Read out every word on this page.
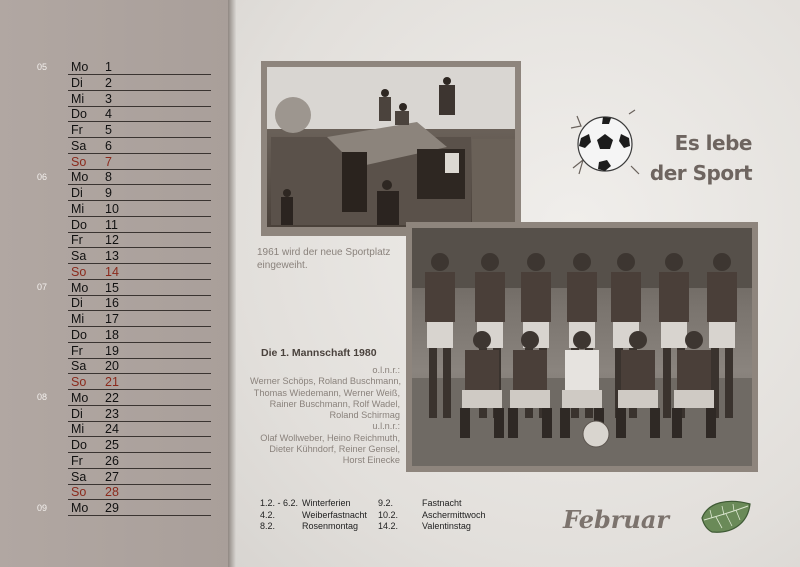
Mo 1
Di 2
Mi 3
Do 4
Fr 5
Sa 6
So 7
Mo 8
Di 9
Mi 10
Do 11
Fr 12
Sa 13
So 14
Mo 15
Di 16
Mi 17
Do 18
Fr 19
Sa 20
So 21
Mo 22
Di 23
Mi 24
Do 25
Fr 26
Sa 27
So 28
Mo 29
05
06
07
08
09
1961 wird der neue Sportplatz eingeweiht.
Die 1. Mannschaft 1980
o.l.n.r.:
Werner Schöps, Roland Buschmann,
Thomas Wiedemann, Werner Weiß,
Rainer Buschmann, Rolf Wadel,
Roland Schirmag
u.l.n.r.:
Olaf Wollweber, Heino Reichmuth,
Dieter Kühndorf, Reiner Gensel,
Horst Einecke
Es lebe
der Sport
1.2. - 6.2. Winterferien	9.2.	Fastnacht
4.2.	Weiberfastnacht 10.2.	Aschermittwoch
8.2.	Rosenmontag 14.2.	Valentinstag	Februar
